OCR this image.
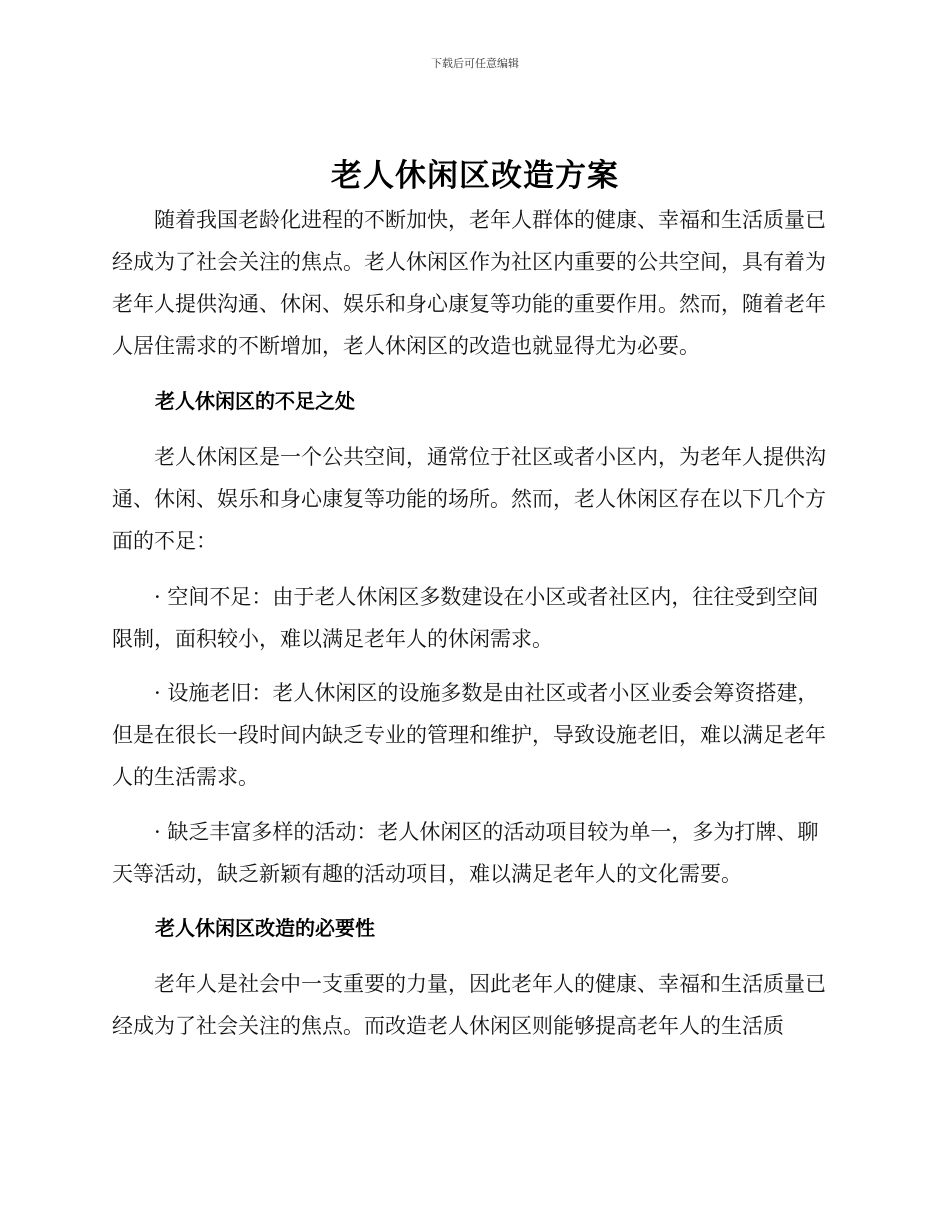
下载后可任意编辑
老人休闲区改造方案

随着我国老龄化进程的不断加快，老年人群体的健康、幸福和生活质量已经成为了社会关注的焦点。老人休闲区作为社区内重要的公共空间，具有着为老年人提供沟通、休闲、娱乐和身心康复等功能的重要作用。然而，随着老年人居住需求的不断增加，老人休闲区的改造也就显得尤为必要。

老人休闲区的不足之处

老人休闲区是一个公共空间，通常位于社区或者小区内，为老年人提供沟通、休闲、娱乐和身心康复等功能的场所。然而，老人休闲区存在以下几个方面的不足：

· 空间不足：由于老人休闲区多数建设在小区或者社区内，往往受到空间限制，面积较小，难以满足老年人的休闲需求。

· 设施老旧：老人休闲区的设施多数是由社区或者小区业委会筹资搭建，但是在很长一段时间内缺乏专业的管理和维护，导致设施老旧，难以满足老年人的生活需求。

· 缺乏丰富多样的活动：老人休闲区的活动项目较为单一，多为打牌、聊天等活动，缺乏新颖有趣的活动项目，难以满足老年人的文化需要。

老人休闲区改造的必要性

老年人是社会中一支重要的力量，因此老年人的健康、幸福和生活质量已经成为了社会关注的焦点。而改造老人休闲区则能够提高老年人的生活质
